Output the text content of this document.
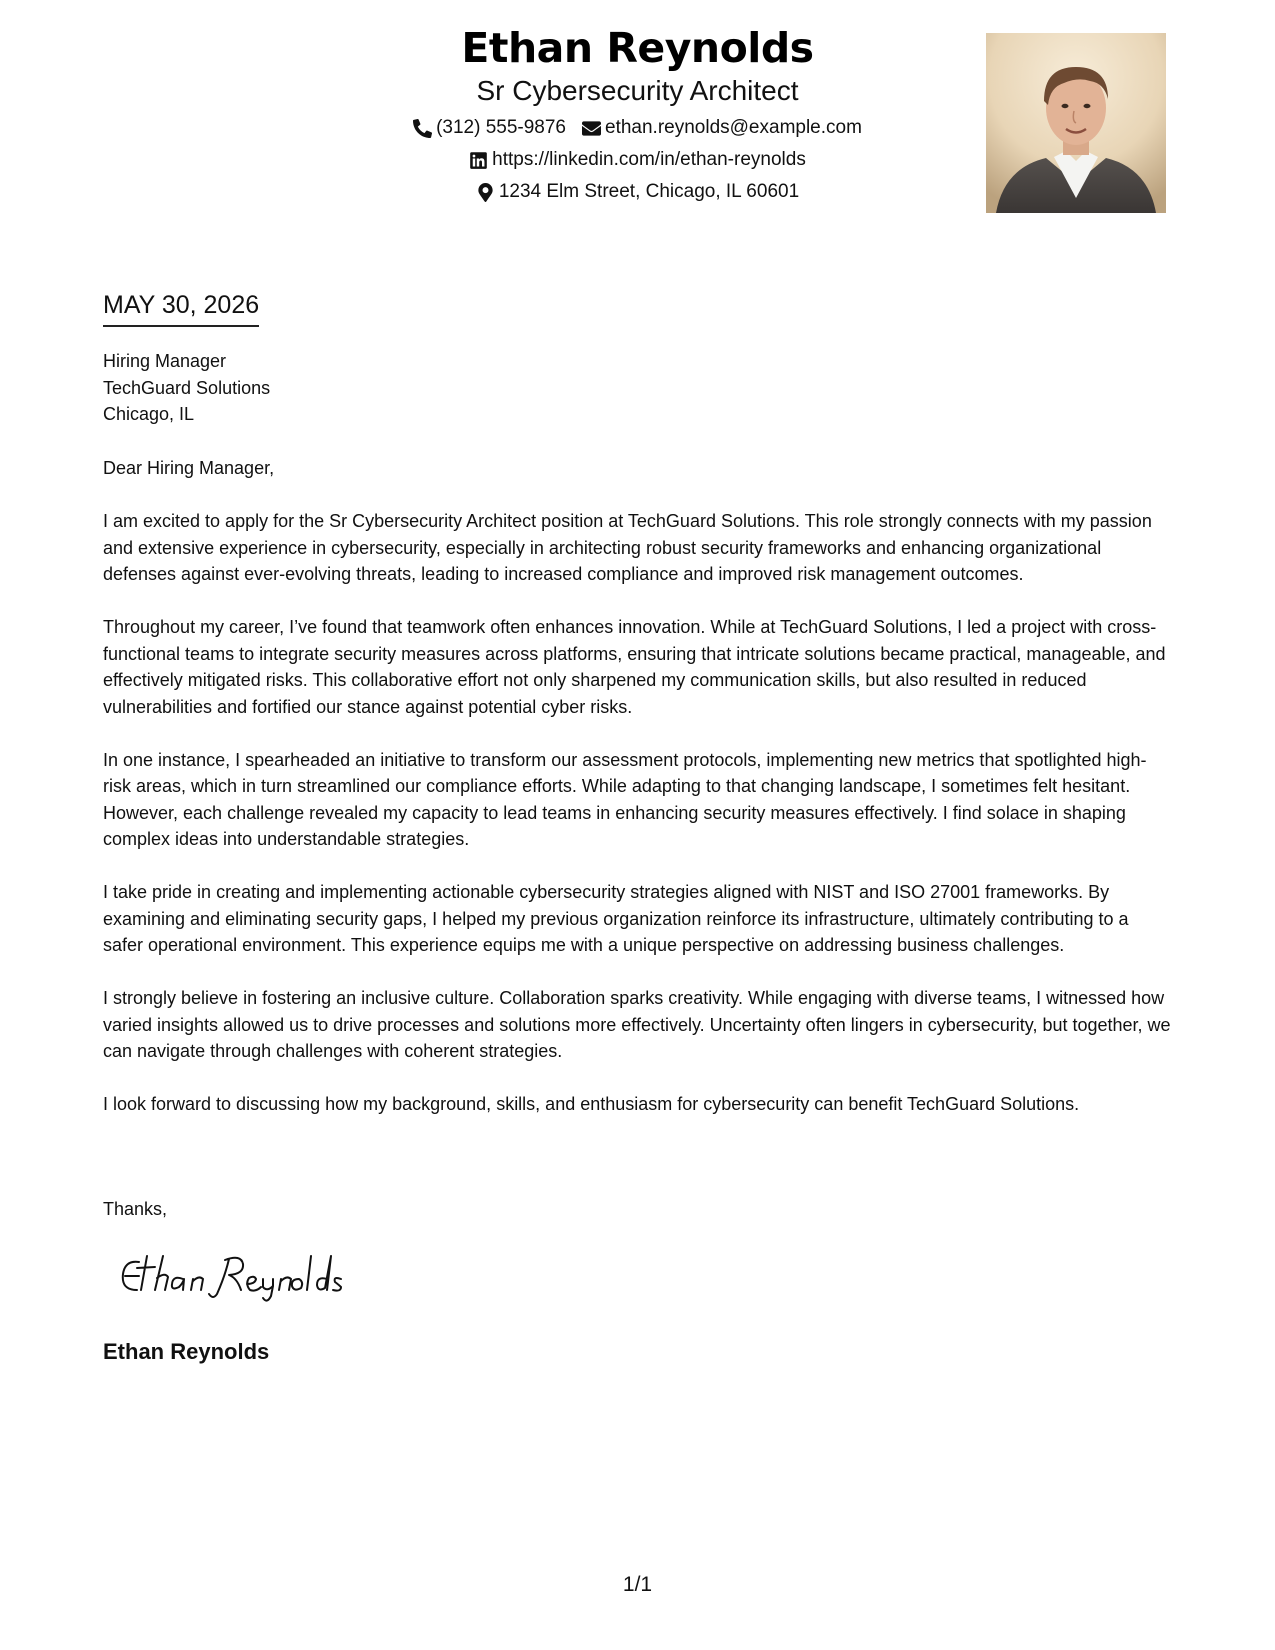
Ethan Reynolds
Sr Cybersecurity Architect
(312) 555-9876 ethan.reynolds@example.com
https://linkedin.com/in/ethan-reynolds
1234 Elm Street, Chicago, IL 60601
MAY 30, 2026
Hiring Manager
TechGuard Solutions
Chicago, IL

Dear Hiring Manager,

I am excited to apply for the Sr Cybersecurity Architect position at TechGuard Solutions. This role strongly connects with my passion and extensive experience in cybersecurity, especially in architecting robust security frameworks and enhancing organizational defenses against ever-evolving threats, leading to increased compliance and improved risk management outcomes.

Throughout my career, I’ve found that teamwork often enhances innovation. While at TechGuard Solutions, I led a project with cross-functional teams to integrate security measures across platforms, ensuring that intricate solutions became practical, manageable, and effectively mitigated risks. This collaborative effort not only sharpened my communication skills, but also resulted in reduced vulnerabilities and fortified our stance against potential cyber risks.

In one instance, I spearheaded an initiative to transform our assessment protocols, implementing new metrics that spotlighted high-risk areas, which in turn streamlined our compliance efforts. While adapting to that changing landscape, I sometimes felt hesitant. However, each challenge revealed my capacity to lead teams in enhancing security measures effectively. I find solace in shaping complex ideas into understandable strategies.

I take pride in creating and implementing actionable cybersecurity strategies aligned with NIST and ISO 27001 frameworks. By examining and eliminating security gaps, I helped my previous organization reinforce its infrastructure, ultimately contributing to a safer operational environment. This experience equips me with a unique perspective on addressing business challenges.

I strongly believe in fostering an inclusive culture. Collaboration sparks creativity. While engaging with diverse teams, I witnessed how varied insights allowed us to drive processes and solutions more effectively. Uncertainty often lingers in cybersecurity, but together, we can navigate through challenges with coherent strategies.

I look forward to discussing how my background, skills, and enthusiasm for cybersecurity can benefit TechGuard Solutions.

Thanks,
Ethan Reynolds
1/1
